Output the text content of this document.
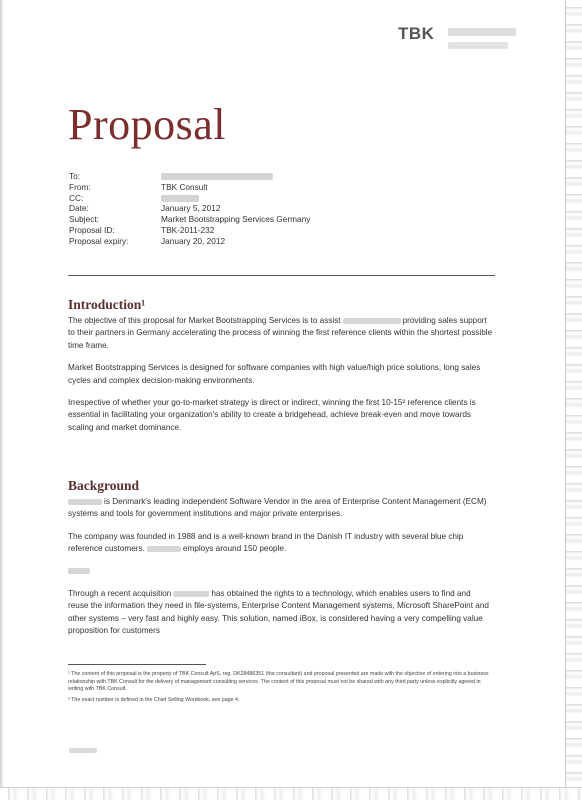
TBK
Proposal
To:
From:	TBK Consult
CC:
Date:	January 5, 2012
Subject:	Market Bootstrapping Services Germany
Proposal ID:	TBK-2011-232
Proposal expiry:	January 20, 2012
Introduction¹

The objective of this proposal for Market Bootstrapping Services is to assist	providing sales support to their partners in Germany accelerating the process of winning the first reference clients within the shortest possible time frame.

Market Bootstrapping Services is designed for software companies with high value/high price solutions, long sales cycles and complex decision-making environments.

Irrespective of whether your go-to-market strategy is direct or indirect, winning the first 10-15² reference clients is essential in facilitating your organization's ability to create a bridgehead, achieve break-even and move towards scaling and market dominance.

Background

is Denmark's leading independent Software Vendor in the area of Enterprise Content Management (ECM) systems and tools for government institutions and major private enterprises.

The company was founded in 1988 and is a well-known brand in the Danish IT industry with several blue chip reference customers.	employs around 150 people.

Through a recent acquisition	has obtained the rights to a technology, which enables users to find and reuse the information they need in file-systems, Enterprise Content Management systems, Microsoft SharePoint and other systems – very fast and highly easy. This solution, named iBox, is considered having a very compelling value proposition for customers

¹ The content of this proposal is the property of TBK Consult ApS, reg. DK28486351 (the consultant) and proposal presented are made with the objective of entering into a business relationship with TBK Consult for the delivery of management consulting services. The content of this proposal must not be shared with any third party unless explicitly agreed in writing with TBK Consult.

² The exact number is defined in the Chief Selling Workbook, see page 4.
